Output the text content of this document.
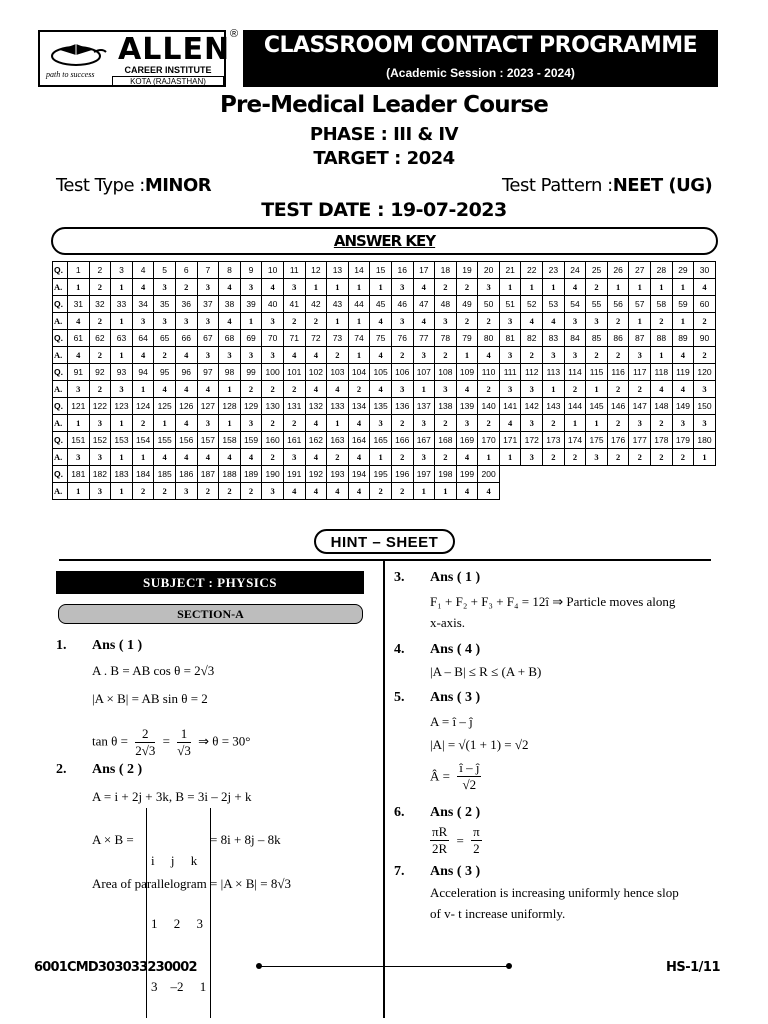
ALLEN
CAREER INSTITUTE
KOTA (RAJASTHAN)
path to success
®	CLASSROOM CONTACT PROGRAMME
(Academic Session : 2023 - 2024)
Pre-Medical Leader Course
PHASE : III & IV
TARGET : 2024
Test Type :MINOR	Test Pattern :NEET (UG)
TEST DATE : 19-07-2023
ANSWER KEY
Q.	1	2	3	4	5	6	7	8	9	10	11	12	13	14	15	16	17	18	19	20	21	22	23	24	25	26	27	28	29	30
A.	1	2	1	4	3	2	3	4	3	4	3	1	1	1	1	3	4	2	2	3	1	1	1	4	2	1	1	1	1	4
Q.	31	32	33	34	35	36	37	38	39	40	41	42	43	44	45	46	47	48	49	50	51	52	53	54	55	56	57	58	59	60
A.	4	2	1	3	3	3	3	4	1	3	2	2	1	1	4	3	4	3	2	2	3	4	4	3	3	2	1	2	1	2
Q.	61	62	63	64	65	66	67	68	69	70	71	72	73	74	75	76	77	78	79	80	81	82	83	84	85	86	87	88	89	90
A.	4	2	1	4	2	4	3	3	3	3	4	4	2	1	4	2	3	2	1	4	3	2	3	3	2	2	3	1	4	2
Q.	91	92	93	94	95	96	97	98	99	100	101	102	103	104	105	106	107	108	109	110	111	112	113	114	115	116	117	118	119	120
A.	3	2	3	1	4	4	4	1	2	2	2	4	4	2	4	3	1	3	4	2	3	3	1	2	1	2	2	4	4	3
Q.	121	122	123	124	125	126	127	128	129	130	131	132	133	134	135	136	137	138	139	140	141	142	143	144	145	146	147	148	149	150
A.	1	3	1	2	1	4	3	1	3	2	2	4	1	4	3	2	3	2	3	2	4	3	2	1	1	2	3	2	3	3
Q.	151	152	153	154	155	156	157	158	159	160	161	162	163	164	165	166	167	168	169	170	171	172	173	174	175	176	177	178	179	180
A.	3	3	1	1	4	4	4	4	4	2	3	4	2	4	1	2	3	2	4	1	1	3	2	2	3	2	2	2	2	1
Q.	181	182	183	184	185	186	187	188	189	190	191	192	193	194	195	196	197	198	199	200										
A.	1	3	1	2	2	3	2	2	2	3	4	4	4	4	2	2	1	1	4	4										
HINT – SHEET
SUBJECT : PHYSICS
SECTION-A
1. Ans ( 1 )
A . B = AB cos θ = 2√3
|A × B| = AB sin θ = 2
$\tan \theta = \frac{2}{2√3} = \frac{1}{√3}$ ⇒ θ = 30°
2. Ans ( 2 )
A = i + 2j + 3k, B = 3i – 2j + k
A × B =

i     j     k

1     2     3

3    –2     1

= 8i + 8j – 8k
Area of parallelogram = |A × B| = 8√3
3. Ans ( 1 )
F₁ + F₂ + F₃ + F₄ = 12î ⇒ Particle moves along
x-axis.
4. Ans ( 4 )
|A – B| ≤ R ≤ (A + B)
5. Ans ( 3 )
A = î – ĵ
|A| = √(1 + 1) = √2
Â = $\frac{î - ĵ}{√2}$
6. Ans ( 2 )
$\frac{\pi R}{2R} = \frac{\pi}{2}$
7. Ans ( 3 )
Acceleration is increasing uniformly hence slop
of v- t increase uniformly.
6001CMD303033230002	HS-1/11
